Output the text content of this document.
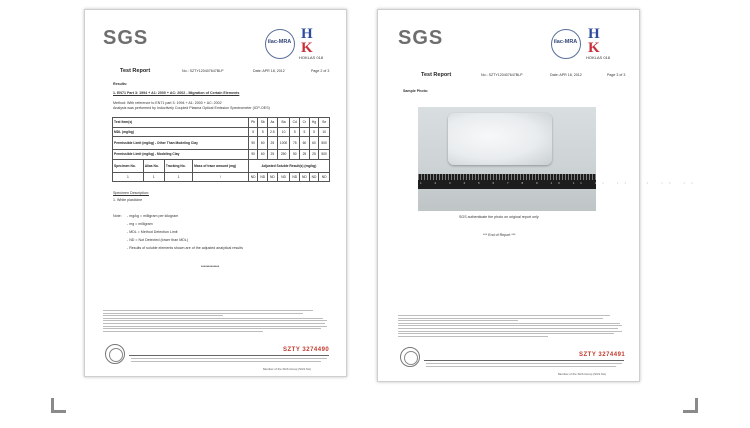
SGS	ilac-MRA H
K
HOKLAS 018
Test Report	No.: SZTY120407647BLP	Date: APR 18, 2012	Page 2 of 3
Results:
1. EN71 Part 3: 1994 + A1: 2000 + AC: 2002 - Migration of Certain Elements
Method: With reference to EN71 part 3: 1994 + A1: 2000 + AC: 2002
Analysis was performed by Inductively Coupled Plasma Optical Emission Spectrometer (ICP-OES)
Test Item(s)				Pb	Sb	As	Ba	Cd	Cr	Hg	Se
MDL (mg/kg)				5	5	2.5	10	5	5	5	10
Permissible Limit (mg/kg) - Other Than Modeling Clay				90	60	25	1000	75	60	60	500
Permissible Limit (mg/kg) - Modeling Clay				90	60	25	250	50	25	25	500
Specimen No.	Alias No.	Tracking No.	Mass of trace amount (mg)	Adjusted Soluble Result(s) (mg/kg)							
1	1	1	/	ND	ND	ND	ND	ND	ND	ND	ND
Specimen Description:
1. White plasticine
Note: - mg/kg = milligram per kilogram
- mg = milligram
- MDL = Method Detection Limit
- ND = Not Detected (lower than MDL)
- Results of soluble elements shown are of the adjusted analytical results
*************
SZTY 3274490
Member of the SGS Group (SGS SA)
SGS	ilac-MRA H
K
HOKLAS 018
Test Report	No.: SZTY120407647BLP	Date: APR 18, 2012	Page 3 of 3
Sample Photo:
1 2 3 4 5 6 7 8 9 10 11 12 13 14 15 16
SGS authenticate the photo on original report only
*** End of Report ***
SZTY 3274491
Member of the SGS Group (SGS SA)
